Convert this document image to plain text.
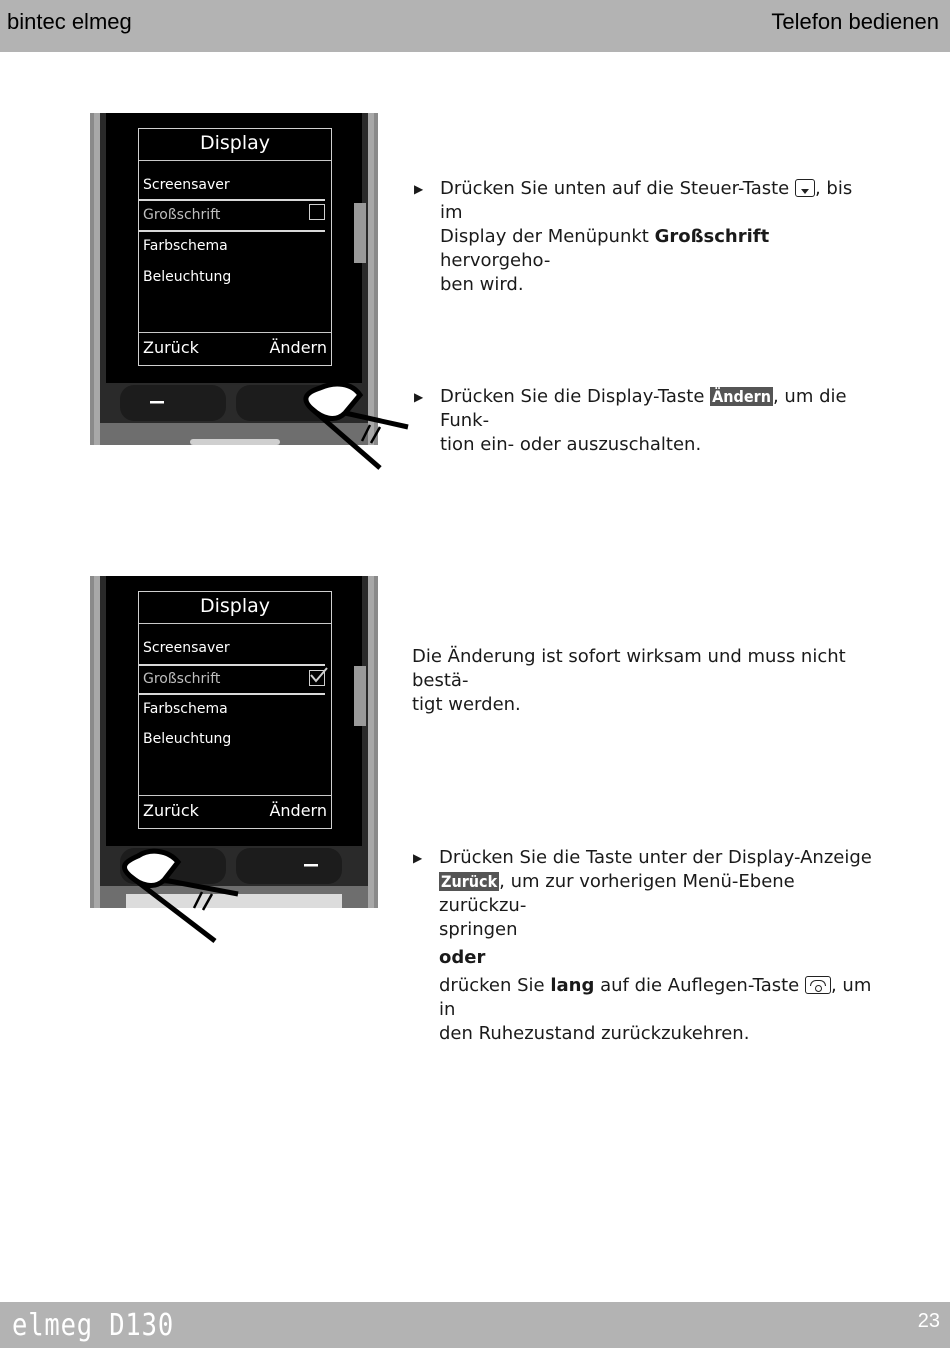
bintec elmeg	Telefon bedienen
Display
Screensaver
Großschrift
Farbschema
Beleuchtung
Zurück	Ändern
▶ Drücken Sie unten auf die Steuer-Taste
, bis im
Display der Menüpunkt Großschrift hervorgeho-
ben wird.
▶ Drücken Sie die Display-Taste Ändern , um die Funk-
tion ein- oder auszuschalten.
Display
Screensaver
Großschrift
Farbschema
Beleuchtung
Zurück	Ändern
Die Änderung ist sofort wirksam und muss nicht bestä-
tigt werden.
▶ Drücken Sie die Taste unter der Display-Anzeige
Zurück , um zur vorherigen Menü-Ebene zurückzu-
springen
oder
drücken Sie lang auf die Auflegen-Taste
, um in
den Ruhezustand zurückzukehren.
elmeg D130	23
